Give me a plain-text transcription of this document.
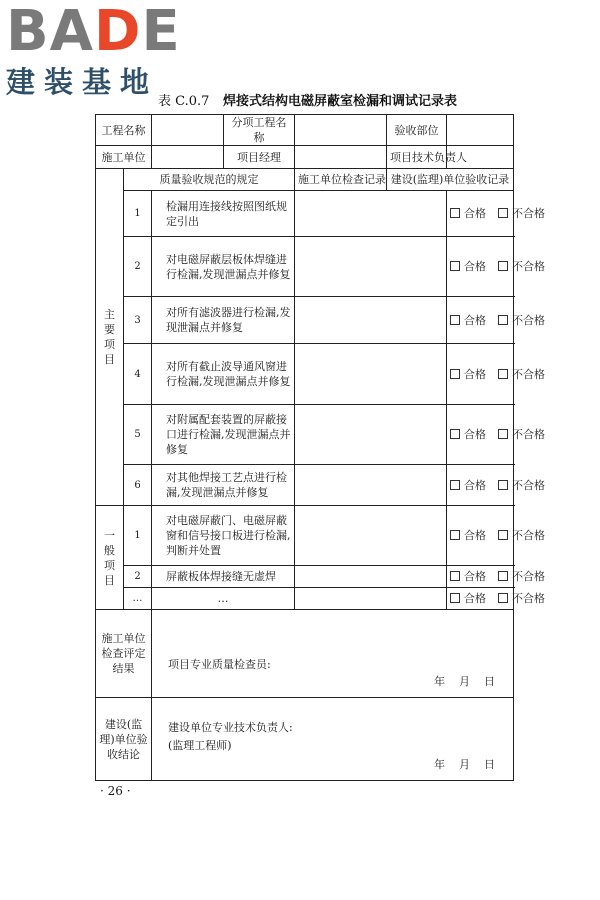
BADE
建装基地
表 C.0.7 焊接式结构电磁屏蔽室检漏和调试记录表
工程名称			分项工程名称		验收部位	
施工单位			项目经理		项目技术负责人	
主要项目	质量验收规范的规定			施工单位检查记录	建设(监理)单位验收记录	
	1	检漏用连接线按照图纸规定引出				合格 不合格
	2	对电磁屏蔽层板体焊缝进行检漏,发现泄漏点并修复				合格 不合格
	3	对所有滤波器进行检漏,发现泄漏点并修复				合格 不合格
	4	对所有截止波导通风窗进行检漏,发现泄漏点并修复				合格 不合格
	5	对附属配套装置的屏蔽接口进行检漏,发现泄漏点并修复				合格 不合格
	6	对其他焊接工艺点进行检漏,发现泄漏点并修复				合格 不合格
一般项目	1	对电磁屏蔽门、电磁屏蔽窗和信号接口板进行检漏,判断并处置				合格 不合格
	2	屏蔽板体焊接缝无虚焊				合格 不合格
	…	…				合格 不合格
施工单位检查评定结果		项目专业质量检查员:
年 月 日				

建设(监理)单位验收结论		建设单位专业技术负责人:
(监理工程师)
年 月 日				
· 26 ·
